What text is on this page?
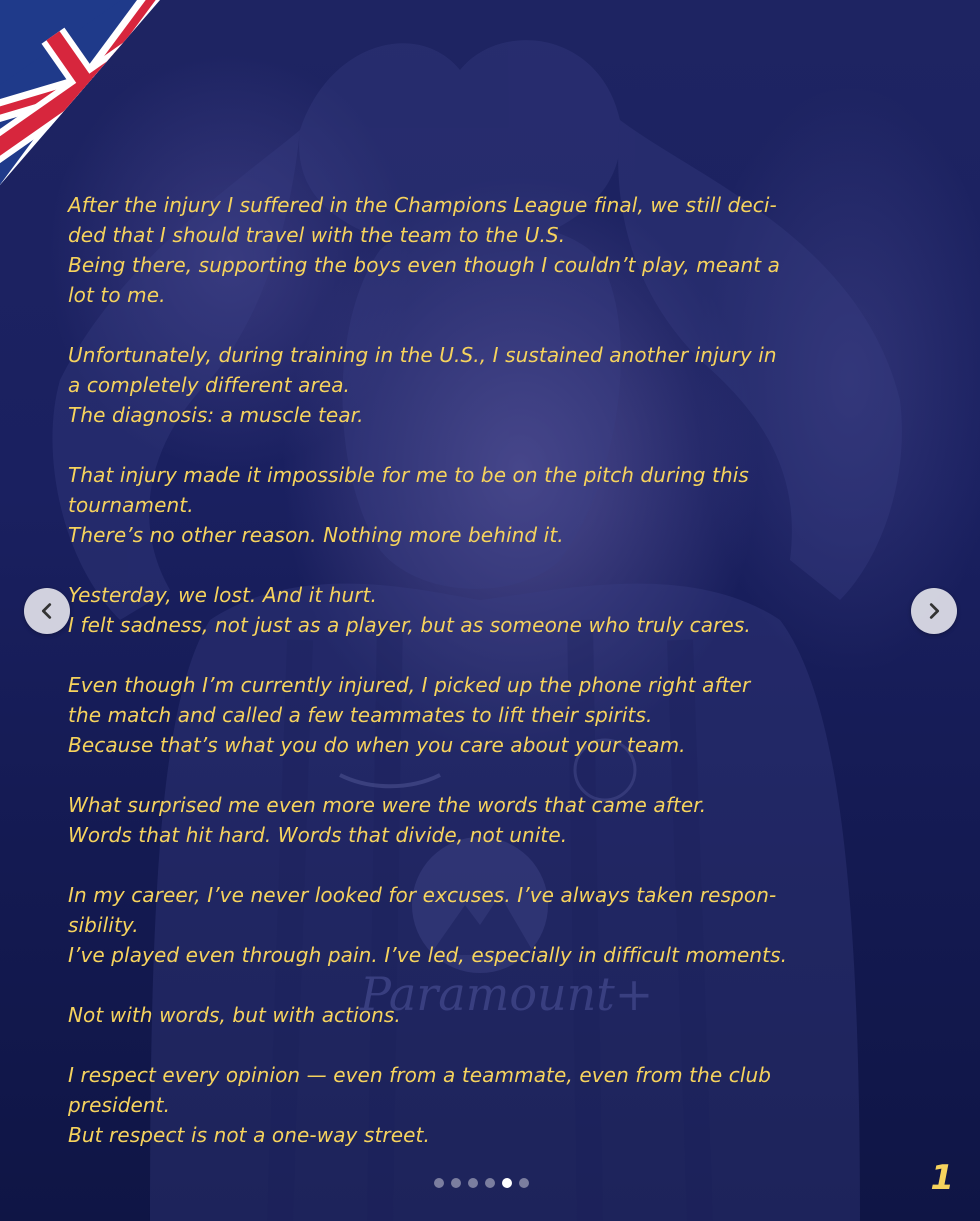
Paramount+
After the injury I suffered in the Champions League final, we still deci-
ded that I should travel with the team to the U.S.
Being there, supporting the boys even though I couldn’t play, meant a
lot to me.
Unfortunately, during training in the U.S., I sustained another injury in
a completely different area.
The diagnosis: a muscle tear.
That injury made it impossible for me to be on the pitch during this
tournament.
There’s no other reason. Nothing more behind it.
Yesterday, we lost. And it hurt.
I felt sadness, not just as a player, but as someone who truly cares.
Even though I’m currently injured, I picked up the phone right after
the match and called a few teammates to lift their spirits.
Because that’s what you do when you care about your team.
What surprised me even more were the words that came after.
Words that hit hard. Words that divide, not unite.
In my career, I’ve never looked for excuses. I’ve always taken respon-
sibility.
I’ve played even through pain. I’ve led, especially in difficult moments.
Not with words, but with actions.
I respect every opinion — even from a teammate, even from the club
president.
But respect is not a one-way street.
1
